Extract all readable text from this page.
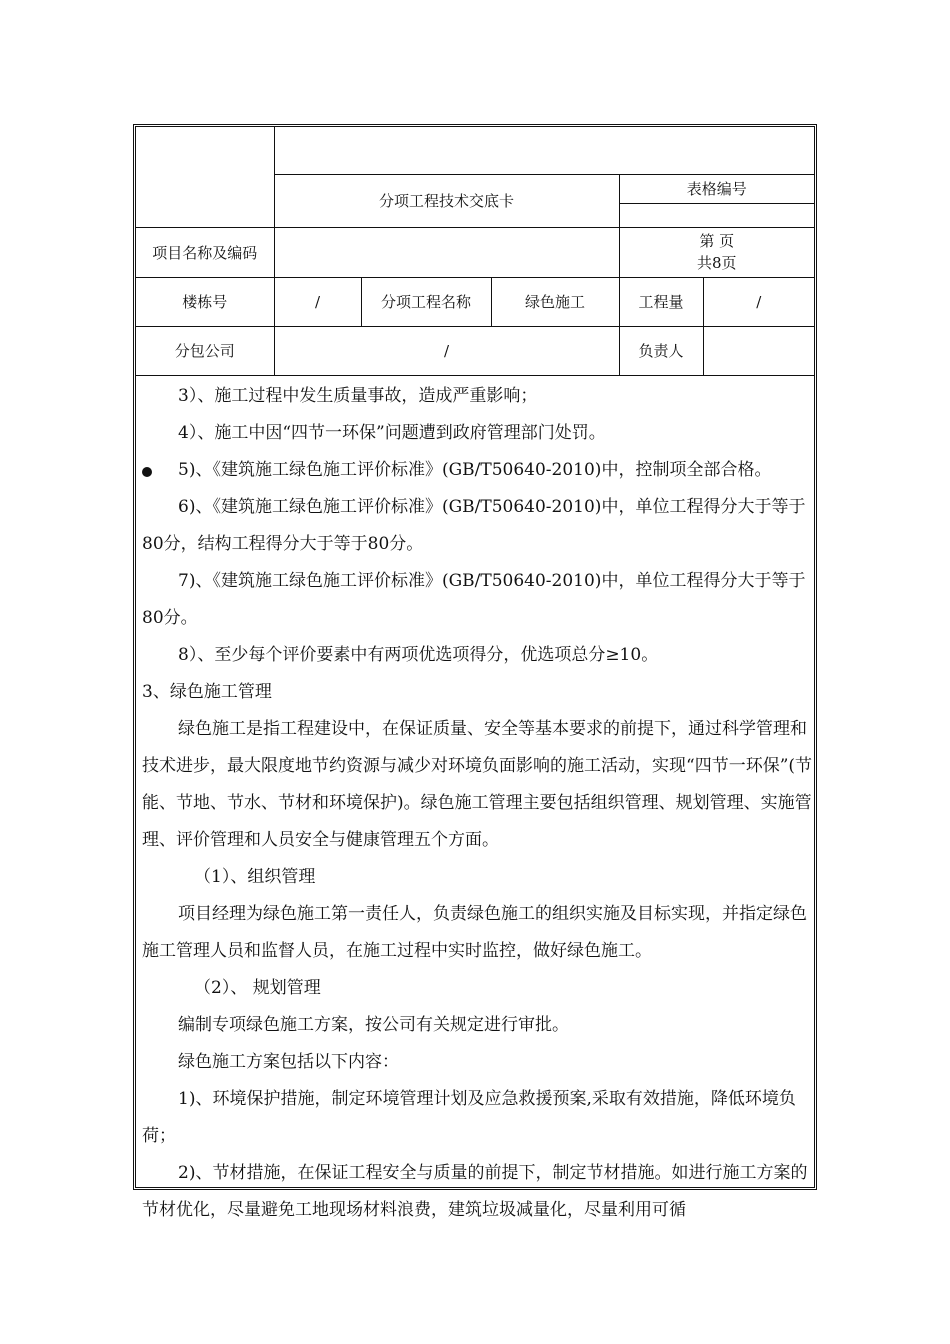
	分项工程技术交底卡			表格编号	

项目名称及编码				第 页
共8页	

楼栋号	/	分项工程名称	绿色施工	工程量	/
分包公司	/			负责人	

3）、施工过程中发生质量事故，造成严重影响；

4）、施工中因“四节一环保”问题遭到政府管理部门处罚。

5)、《建筑施工绿色施工评价标准》(GB/T50640-2010)中，控制项全部合格。

6)、《建筑施工绿色施工评价标准》(GB/T50640-2010)中，单位工程得分大于等于80分，结构工程得分大于等于80分。

7)、《建筑施工绿色施工评价标准》(GB/T50640-2010)中，单位工程得分大于等于80分。

8）、至少每个评价要素中有两项优选项得分，优选项总分≥10。

3、绿色施工管理

绿色施工是指工程建设中，在保证质量、安全等基本要求的前提下，通过科学管理和技术进步，最大限度地节约资源与减少对环境负面影响的施工活动，实现“四节一环保”(节能、节地、节水、节材和环境保护)。绿色施工管理主要包括组织管理、规划管理、实施管理、评价管理和人员安全与健康管理五个方面。

（1）、组织管理

项目经理为绿色施工第一责任人，负责绿色施工的组织实施及目标实现，并指定绿色施工管理人员和监督人员，在施工过程中实时监控，做好绿色施工。

（2）、 规划管理

编制专项绿色施工方案，按公司有关规定进行审批。

绿色施工方案包括以下内容：

1)、环境保护措施，制定环境管理计划及应急救援预案,采取有效措施，降低环境负荷；

2)、节材措施，在保证工程安全与质量的前提下，制定节材措施。如进行施工方案的节材优化，尽量避免工地现场材料浪费，建筑垃圾减量化，尽量利用可循
